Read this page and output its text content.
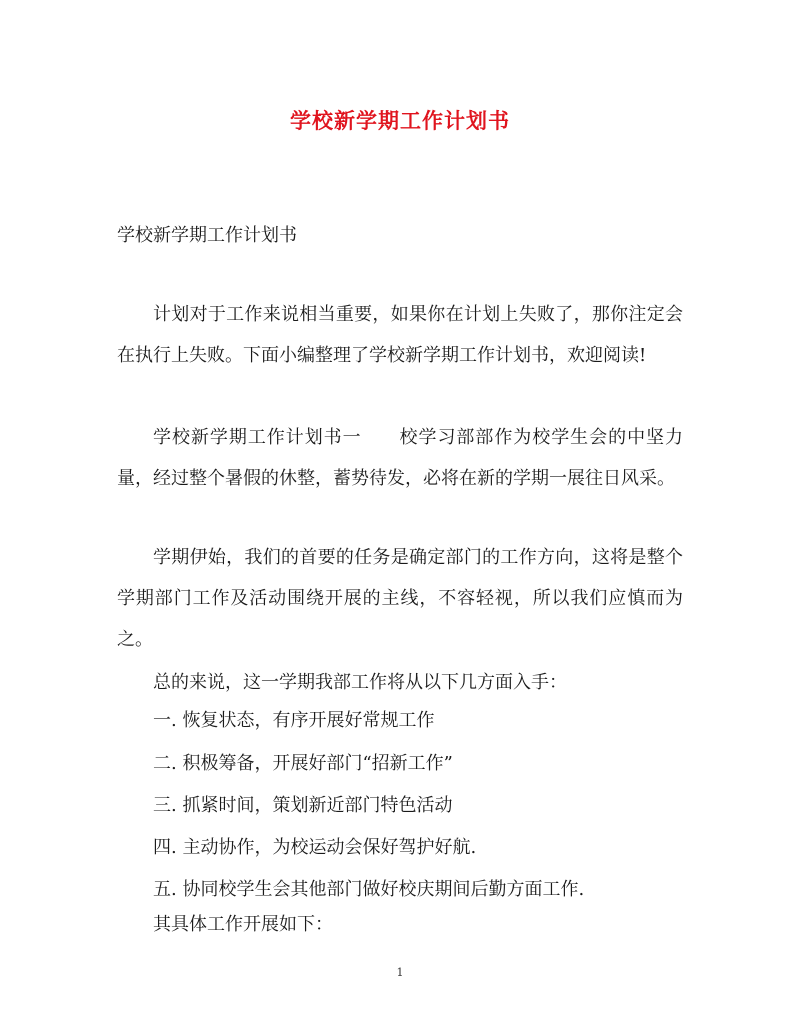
学校新学期工作计划书
学校新学期工作计划书
计划对于工作来说相当重要，如果你在计划上失败了，那你注定会在执行上失败。下面小编整理了学校新学期工作计划书，欢迎阅读!
学校新学期工作计划书一　　校学习部部作为校学生会的中坚力量，经过整个暑假的休整，蓄势待发，必将在新的学期一展往日风采。
学期伊始，我们的首要的任务是确定部门的工作方向，这将是整个学期部门工作及活动围绕开展的主线，不容轻视，所以我们应慎而为之。
总的来说，这一学期我部工作将从以下几方面入手：
一. 恢复状态，有序开展好常规工作
二. 积极筹备，开展好部门“招新工作”
三. 抓紧时间，策划新近部门特色活动
四. 主动协作，为校运动会保好驾护好航.
五. 协同校学生会其他部门做好校庆期间后勤方面工作.
其具体工作开展如下：
1
